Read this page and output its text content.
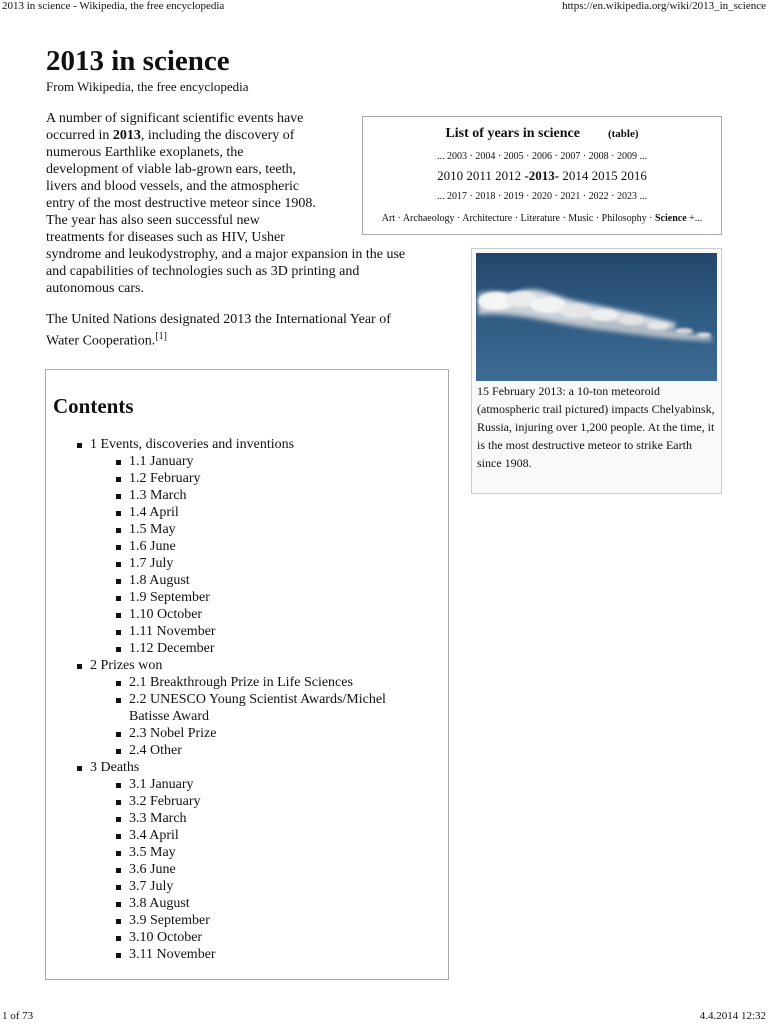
2013 in science - Wikipedia, the free encyclopedia	https://en.wikipedia.org/wiki/2013_in_science
2013 in science
From Wikipedia, the free encyclopedia

A number of significant scientific events have
occurred in 2013, including the discovery of
numerous Earthlike exoplanets, the
development of viable lab-grown ears, teeth,
livers and blood vessels, and the atmospheric
entry of the most destructive meteor since 1908.
The year has also seen successful new
treatments for diseases such as HIV, Usher

syndrome and leukodystrophy, and a major expansion in the use
and capabilities of technologies such as 3D printing and
autonomous cars.

The United Nations designated 2013 the International Year of
Water Cooperation.[1]

List of years in science	(table)
... 2003 · 2004 · 2005 · 2006 · 2007 · 2008 · 2009 ...
2010 2011 2012 -2013- 2014 2015 2016
... 2017 · 2018 · 2019 · 2020 · 2021 · 2022 · 2023 ...
Art · Archaeology · Architecture · Literature · Music · Philosophy · Science +...
15 February 2013: a 10-ton meteoroid (atmospheric trail pictured) impacts Chelyabinsk, Russia, injuring over 1,200 people. At the time, it is the most destructive meteor to strike Earth since 1908.
Contents
1 Events, discoveries and inventions
1.1 January
1.2 February
1.3 March
1.4 April
1.5 May
1.6 June
1.7 July
1.8 August
1.9 September
1.10 October
1.11 November
1.12 December
2 Prizes won
2.1 Breakthrough Prize in Life Sciences
2.2 UNESCO Young Scientist Awards/Michel
Batisse Award
2.3 Nobel Prize
2.4 Other
3 Deaths
3.1 January
3.2 February
3.3 March
3.4 April
3.5 May
3.6 June
3.7 July
3.8 August
3.9 September
3.10 October
3.11 November
1 of 73	4.4.2014 12:32
